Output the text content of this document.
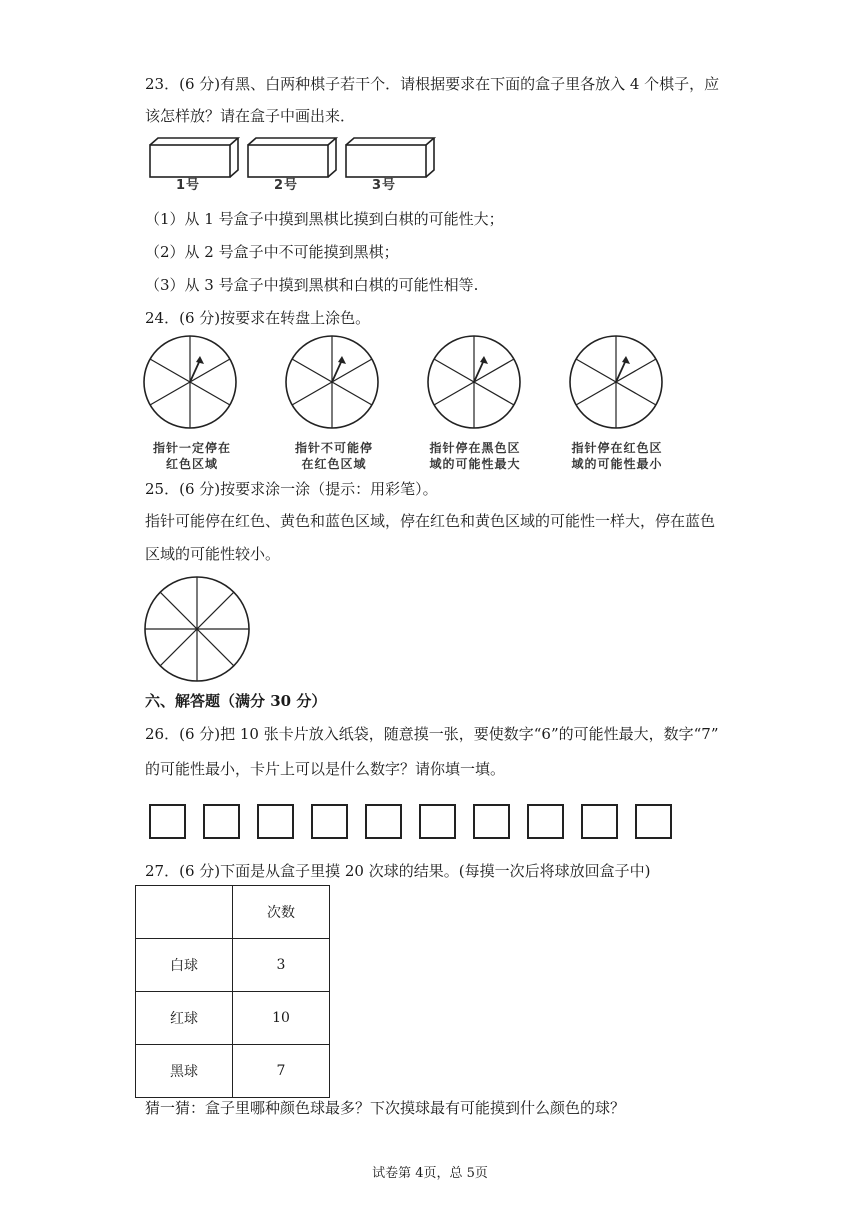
23．(6 分)有黑、白两种棋子若干个．请根据要求在下面的盒子里各放入 4 个棋子，应
该怎样放？请在盒子中画出来．
1号	2号	3号
（1）从 1 号盒子中摸到黑棋比摸到白棋的可能性大；
（2）从 2 号盒子中不可能摸到黑棋；
（3）从 3 号盒子中摸到黑棋和白棋的可能性相等.
24．(6 分)按要求在转盘上涂色。
指针一定停在
红色区域
指针不可能停
在红色区域
指针停在黑色区
域的可能性最大
指针停在红色区
域的可能性最小
25．(6 分)按要求涂一涂（提示：用彩笔）。
指针可能停在红色、黄色和蓝色区域，停在红色和黄色区域的可能性一样大，停在蓝色
区域的可能性较小。
六、解答题（满分 30 分）
26．(6 分)把 10 张卡片放入纸袋，随意摸一张，要使数字“6”的可能性最大，数字“7”
的可能性最小，卡片上可以是什么数字？请你填一填。
27．(6 分)下面是从盒子里摸 20 次球的结果。(每摸一次后将球放回盒子中)
	次数
白球	3
红球	10
黑球	7
猜一猜：盒子里哪种颜色球最多？下次摸球最有可能摸到什么颜色的球？
试卷第 4页，总 5页
